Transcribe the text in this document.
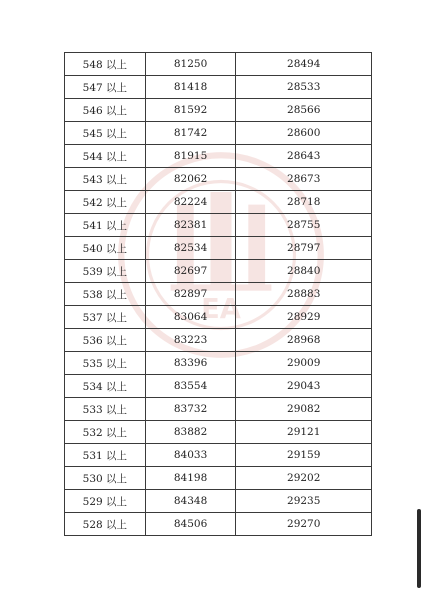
EA
548 以上	81250	28494
547 以上	81418	28533
546 以上	81592	28566
545 以上	81742	28600
544 以上	81915	28643
543 以上	82062	28673
542 以上	82224	28718
541 以上	82381	28755
540 以上	82534	28797
539 以上	82697	28840
538 以上	82897	28883
537 以上	83064	28929
536 以上	83223	28968
535 以上	83396	29009
534 以上	83554	29043
533 以上	83732	29082
532 以上	83882	29121
531 以上	84033	29159
530 以上	84198	29202
529 以上	84348	29235
528 以上	84506	29270
